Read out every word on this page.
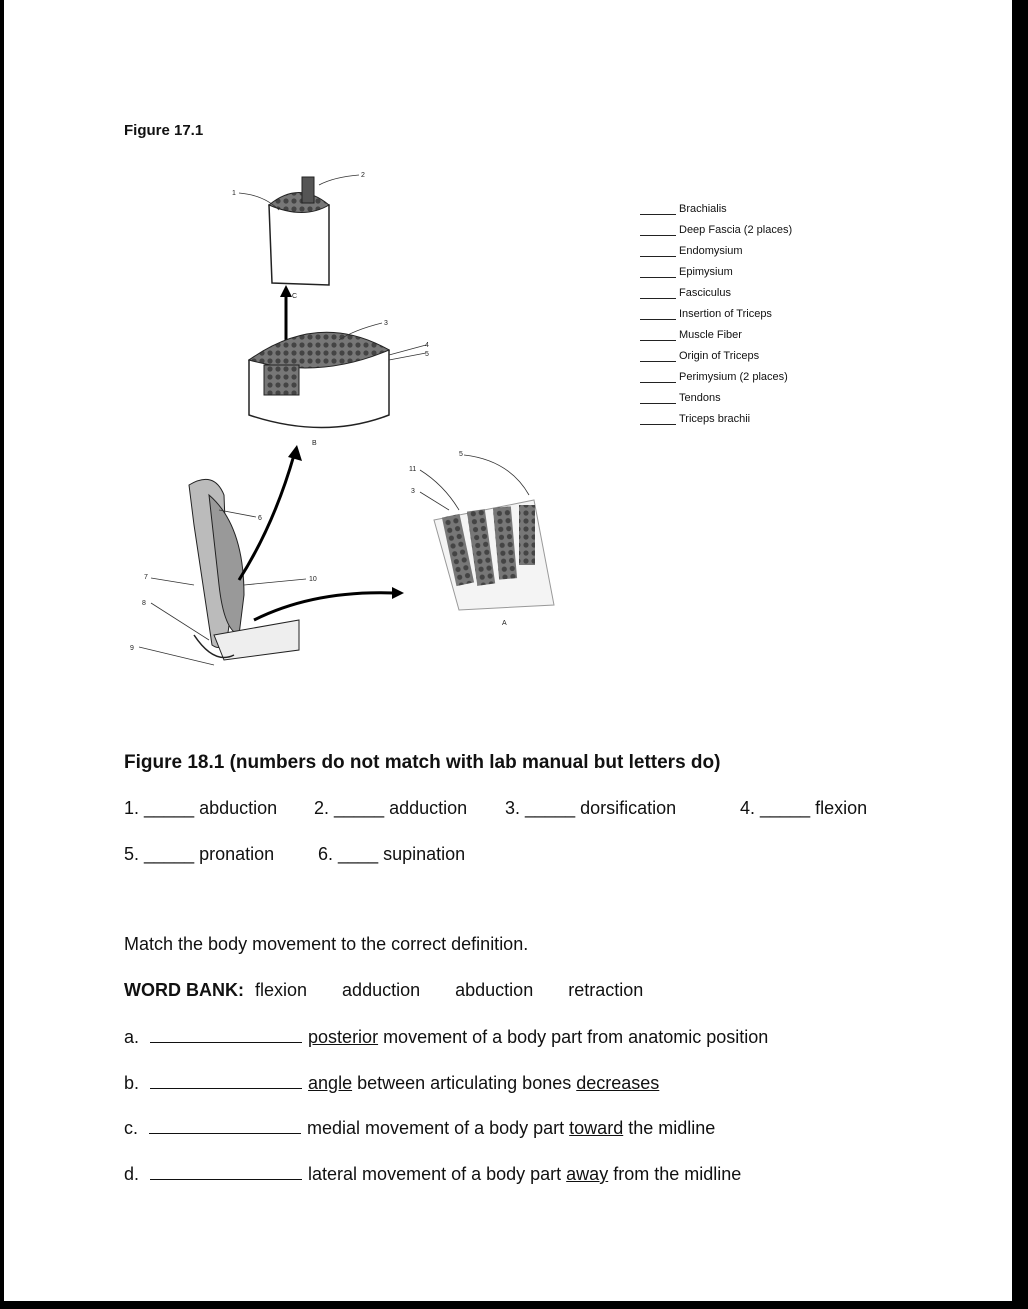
Figure 17.1
1
2
3
4
5
6
7
8
9
10
11
3
5
C
B
A
Brachialis
Deep Fascia (2 places)
Endomysium
Epimysium
Fasciculus
Insertion of Triceps
Muscle Fiber
Origin of Triceps
Perimysium (2 places)
Tendons
Triceps brachii
Figure 18.1 (numbers do not match with lab manual but letters do)
1. _____ abduction 2. _____ adduction 3. _____ dorsification	4. _____ flexion
5. _____ pronation 6. ____ supination
Match the body movement to the correct definition.
WORD BANK: flexion adduction abduction retraction
a.	posterior movement of a body part from anatomic position
b.	angle between articulating bones decreases
c.	medial movement of a body part toward the midline
d.	lateral movement of a body part away from the midline
